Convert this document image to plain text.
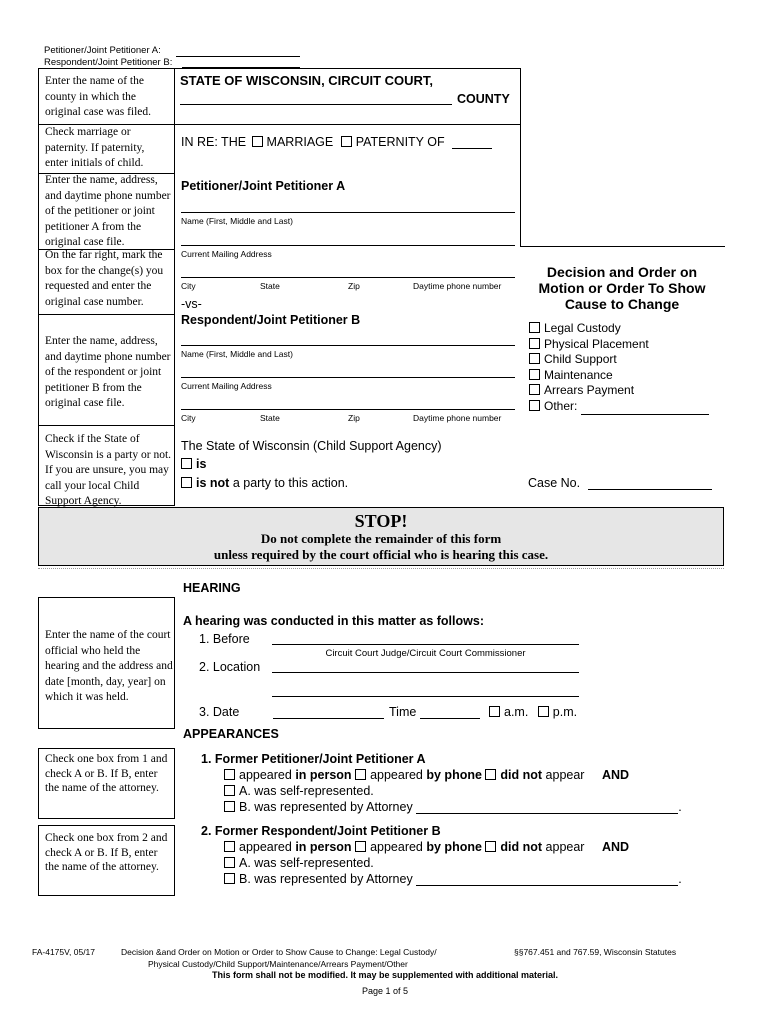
Petitioner/Joint Petitioner A:
Respondent/Joint Petitioner B:
Enter the name of the county in which the original case was filed.
Check marriage or paternity. If paternity, enter initials of child.
Enter the name, address, and daytime phone number of the petitioner or joint petitioner A from the original case file.
On the far right, mark the box for the change(s) you requested and enter the original case number.
Enter the name, address, and daytime phone number of the respondent or joint petitioner B from the original case file.
Check if the State of Wisconsin is a party or not. If you are unsure, you may call your local Child Support Agency.
STATE OF WISCONSIN, CIRCUIT COURT,
COUNTY
IN RE: THE MARRIAGE PATERNITY OF
Petitioner/Joint Petitioner A
Name (First, Middle and Last)
Current Mailing Address
City	State	Zip	Daytime phone number
-vs-
Respondent/Joint Petitioner B
Name (First, Middle and Last)
Current Mailing Address
City	State	Zip	Daytime phone number
The State of Wisconsin (Child Support Agency)
is
is not a party to this action.
Decision and Order on
Motion or Order To Show
Cause to Change
Legal Custody
Physical Placement
Child Support
Maintenance
Arrears Payment
Other:
Case No.
STOP!
Do not complete the remainder of this form
unless required by the court official who is hearing this case.
HEARING
Enter the name of the court official who held the hearing and the address and date [month, day, year] on which it was held.
A hearing was conducted in this matter as follows:
1. Before
Circuit Court Judge/Circuit Court Commissioner
2. Location
3. Date	Time	a.m. p.m.
APPEARANCES
Check one box from 1 and check A or B. If B, enter the name of the attorney.
Check one box from 2 and check A or B. If B, enter the name of the attorney.
1. Former Petitioner/Joint Petitioner A
appeared in person appeared by phone did not appear AND
A. was self-represented.
B. was represented by Attorney	.
2. Former Respondent/Joint Petitioner B
appeared in person appeared by phone did not appear AND
A. was self-represented.
B. was represented by Attorney	.
FA-4175V, 05/17	Decision &and Order on Motion or Order to Show Cause to Change: Legal Custody/
Physical Custody/Child Support/Maintenance/Arrears Payment/Other
§§767.451 and 767.59, Wisconsin Statutes
This form shall not be modified. It may be supplemented with additional material.
Page 1 of 5
